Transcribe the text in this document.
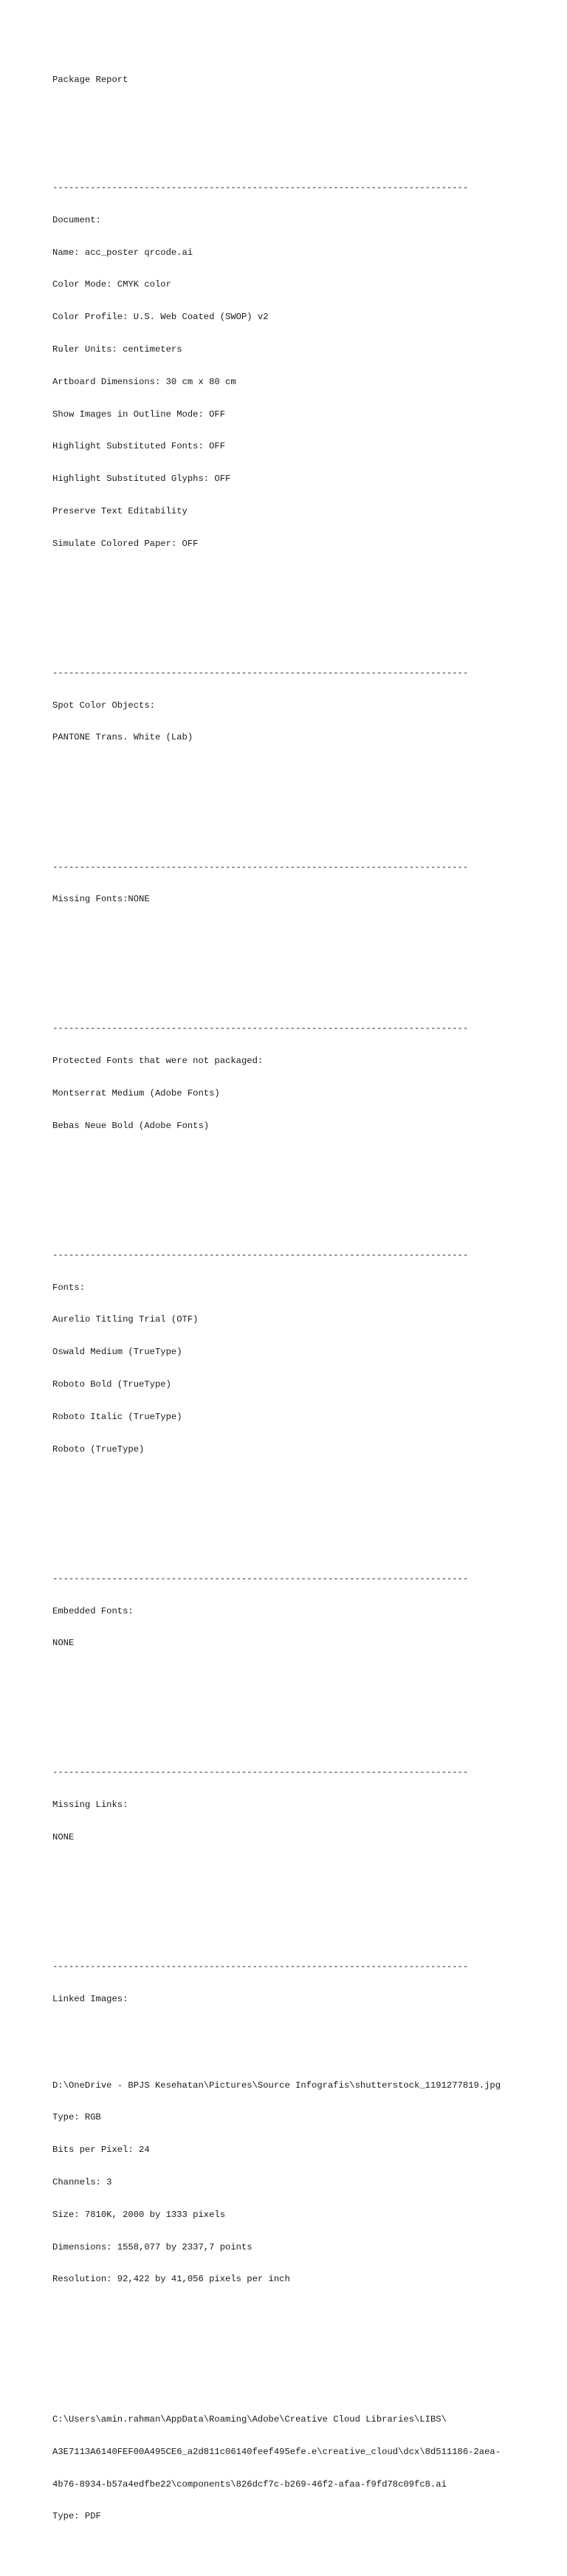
Package Report

-----------------------------------------------------------------------------

Document:

Name: acc_poster qrcode.ai

Color Mode: CMYK color

Color Profile: U.S. Web Coated (SWOP) v2

Ruler Units: centimeters

Artboard Dimensions: 30 cm x 80 cm

Show Images in Outline Mode: OFF

Highlight Substituted Fonts: OFF

Highlight Substituted Glyphs: OFF

Preserve Text Editability

Simulate Colored Paper: OFF

-----------------------------------------------------------------------------

Spot Color Objects:

PANTONE Trans. White (Lab)

-----------------------------------------------------------------------------

Missing Fonts:NONE

-----------------------------------------------------------------------------

Protected Fonts that were not packaged:

Montserrat Medium (Adobe Fonts)

Bebas Neue Bold (Adobe Fonts)

-----------------------------------------------------------------------------

Fonts:

Aurelio Titling Trial (OTF)

Oswald Medium (TrueType)

Roboto Bold (TrueType)

Roboto Italic (TrueType)

Roboto (TrueType)

-----------------------------------------------------------------------------

Embedded Fonts:

NONE

-----------------------------------------------------------------------------

Missing Links:

NONE

-----------------------------------------------------------------------------

Linked Images:

D:\OneDrive - BPJS Kesehatan\Pictures\Source Infografis\shutterstock_1191277819.jpg

Type: RGB

Bits per Pixel: 24

Channels: 3

Size: 7810K, 2000 by 1333 pixels

Dimensions: 1558,077 by 2337,7 points

Resolution: 92,422 by 41,056 pixels per inch

C:\Users\amin.rahman\AppData\Roaming\Adobe\Creative Cloud Libraries\LIBS\

A3E7113A6140FEF00A495CE6_a2d811c06140feef495efe.e\creative_cloud\dcx\8d511186-2aea-

4b76-8934-b57a4edfbe22\components\826dcf7c-b269-46f2-afaa-f9fd78c09fc8.ai

Type: PDF
